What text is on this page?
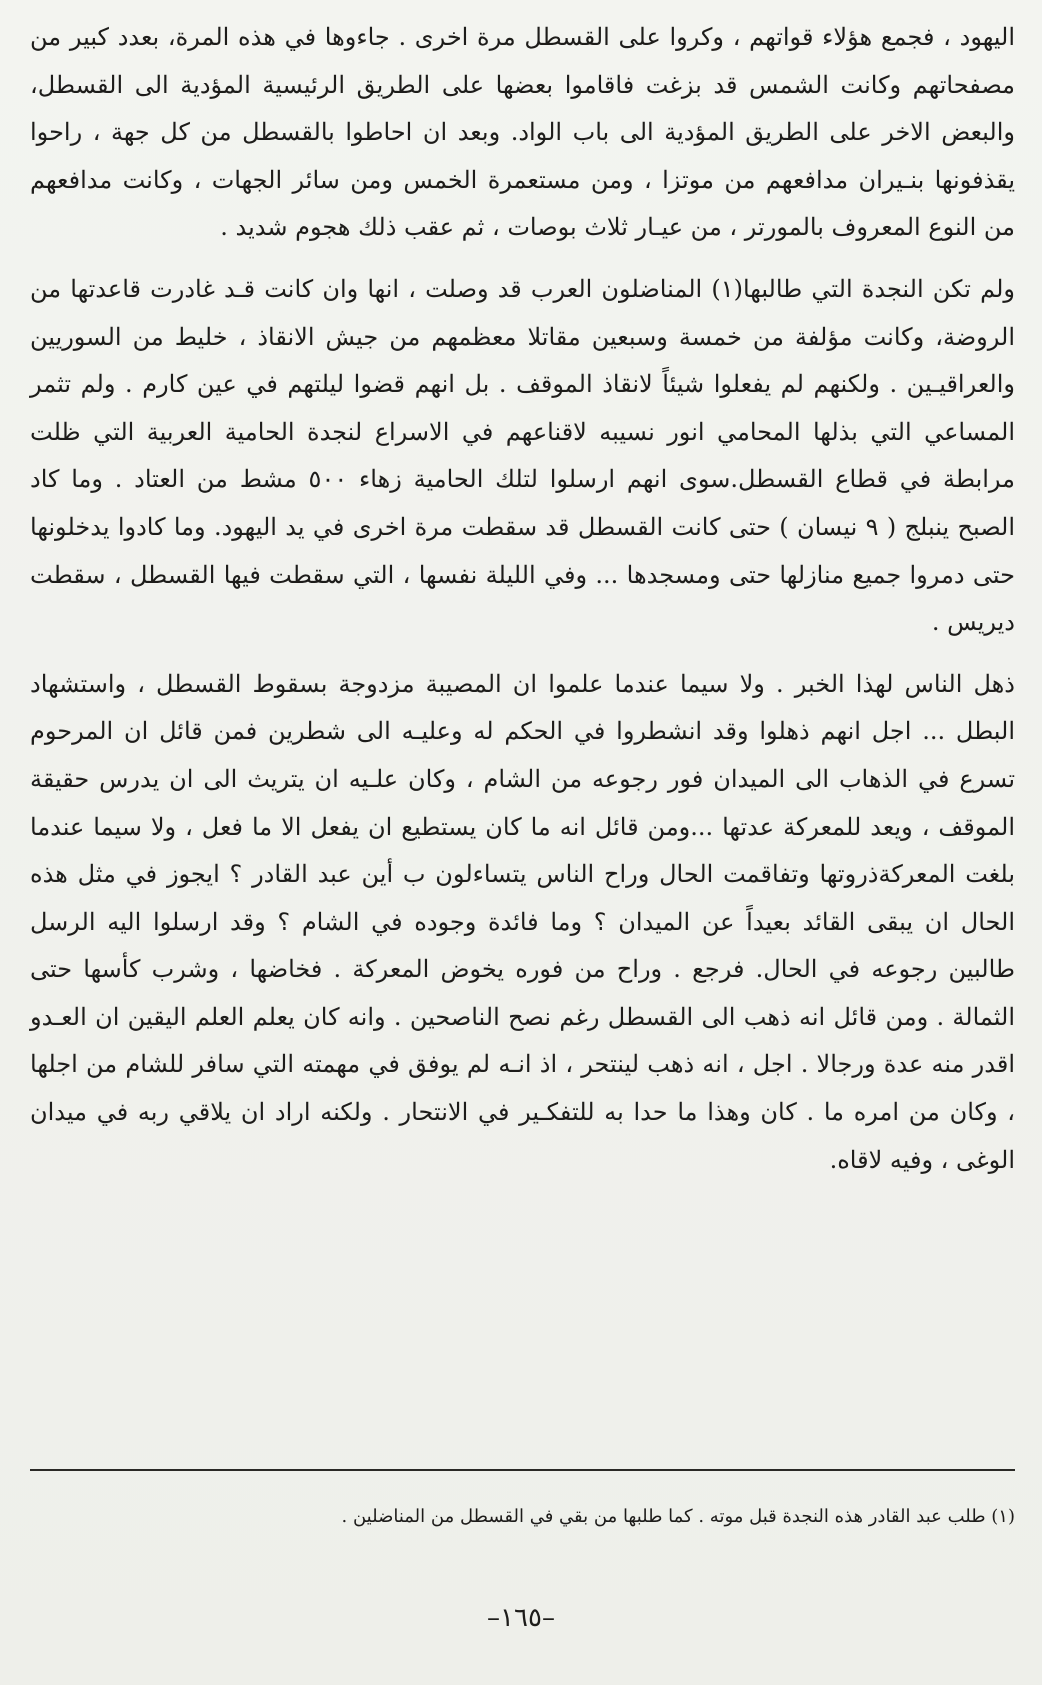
اليهود ، فجمع هؤلاء قواتهم ، وكروا على القسطل مرة اخرى . جاءوها في هذه المرة، بعدد كبير من مصفحاتهم وكانت الشمس قد بزغت فاقاموا بعضها على الطريق الرئيسية المؤدية الى القسطل، والبعض الاخر على الطريق المؤدية الى باب الواد. وبعد ان احاطوا بالقسطل من كل جهة ، راحوا يقذفونها بنـيران مدافعهم من موتزا ، ومن مستعمرة الخمس ومن سائر الجهات ، وكانت مدافعهم من النوع المعروف بالمورتر ، من عيـار ثلاث بوصات ، ثم عقب ذلك هجوم شديد .

ولم تكن النجدة التي طالبها(١) المناضلون العرب قد وصلت ، انها وان كانت قـد غادرت قاعدتها من الروضة، وكانت مؤلفة من خمسة وسبعين مقاتلا معظمهم من جيش الانقاذ ، خليط من السوريين والعراقيـين . ولكنهم لم يفعلوا شيئاً لانقاذ الموقف . بل انهم قضوا ليلتهم في عين كارم . ولم تثمر المساعي التي بذلها المحامي انور نسيبه لاقناعهم في الاسراع لنجدة الحامية العربية التي ظلت مرابطة في قطاع القسطل.سوى انهم ارسلوا لتلك الحامية زهاء ٥٠٠ مشط من العتاد . وما كاد الصبح ينبلج ( ٩ نيسان ) حتى كانت القسطل قد سقطت مرة اخرى في يد اليهود. وما كادوا يدخلونها حتى دمروا جميع منازلها حتى ومسجدها ... وفي الليلة نفسها ، التي سقطت فيها القسطل ، سقطت ديريس .

ذهل الناس لهذا الخبر . ولا سيما عندما علموا ان المصيبة مزدوجة بسقوط القسطل ، واستشهاد البطل ... اجل انهم ذهلوا وقد انشطروا في الحكم له وعليـه الى شطرين فمن قائل ان المرحوم تسرع في الذهاب الى الميدان فور رجوعه من الشام ، وكان علـيه ان يتريث الى ان يدرس حقيقة الموقف ، ويعد للمعركة عدتها ...ومن قائل انه ما كان يستطيع ان يفعل الا ما فعل ، ولا سيما عندما بلغت المعركةذروتها وتفاقمت الحال وراح الناس يتساءلون ب أين عبد القادر ؟ ايجوز في مثل هذه الحال ان يبقى القائد بعيداً عن الميدان ؟ وما فائدة وجوده في الشام ؟ وقد ارسلوا اليه الرسل طالبين رجوعه في الحال. فرجع . وراح من فوره يخوض المعركة . فخاضها ، وشرب كأسها حتى الثمالة . ومن قائل انه ذهب الى القسطل رغم نصح الناصحين . وانه كان يعلم العلم اليقين ان العـدو اقدر منه عدة ورجالا . اجل ، انه ذهب لينتحر ، اذ انـه لم يوفق في مهمته التي سافر للشام من اجلها ، وكان من امره ما . كان وهذا ما حدا به للتفكـير في الانتحار . ولكنه اراد ان يلاقي ربه في ميدان الوغى ، وفيه لاقاه.

(١) طلب عبد القادر هذه النجدة قبل موته . كما طلبها من بقي في القسطل من المناضلين .
–١٦٥–
